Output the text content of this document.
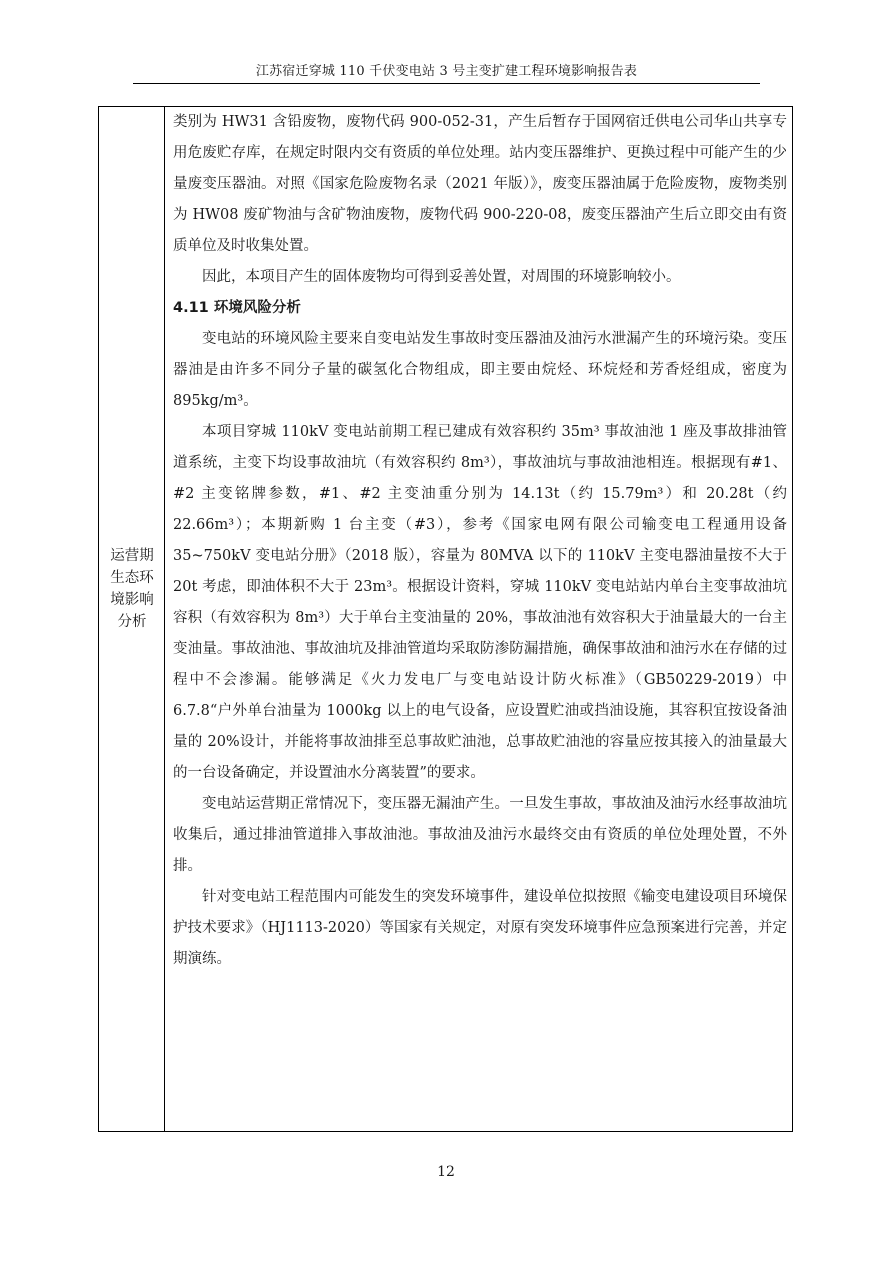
江苏宿迁穿城 110 千伏变电站 3 号主变扩建工程环境影响报告表
运营期
生态环
境影响
分析

类别为 HW31 含铅废物，废物代码 900-052-31，产生后暂存于国网宿迁供电公司华山共享专用危废贮存库，在规定时限内交有资质的单位处理。站内变压器维护、更换过程中可能产生的少量废变压器油。对照《国家危险废物名录（2021 年版）》，废变压器油属于危险废物，废物类别为 HW08 废矿物油与含矿物油废物，废物代码 900-220-08，废变压器油产生后立即交由有资质单位及时收集处置。

因此，本项目产生的固体废物均可得到妥善处置，对周围的环境影响较小。

4.11 环境风险分析

变电站的环境风险主要来自变电站发生事故时变压器油及油污水泄漏产生的环境污染。变压器油是由许多不同分子量的碳氢化合物组成，即主要由烷烃、环烷烃和芳香烃组成，密度为 895kg/m³。

本项目穿城 110kV 变电站前期工程已建成有效容积约 35m³ 事故油池 1 座及事故排油管道系统，主变下均设事故油坑（有效容积约 8m³），事故油坑与事故油池相连。根据现有#1、#2 主变铭牌参数，#1、#2 主变油重分别为 14.13t（约 15.79m³）和 20.28t（约 22.66m³）；本期新购 1 台主变（#3），参考《国家电网有限公司输变电工程通用设备 35~750kV 变电站分册》（2018 版），容量为 80MVA 以下的 110kV 主变电器油量按不大于 20t 考虑，即油体积不大于 23m³。根据设计资料，穿城 110kV 变电站站内单台主变事故油坑容积（有效容积为 8m³）大于单台主变油量的 20%，事故油池有效容积大于油量最大的一台主变油量。事故油池、事故油坑及排油管道均采取防渗防漏措施，确保事故油和油污水在存储的过程中不会渗漏。能够满足《火力发电厂与变电站设计防火标准》（GB50229-2019）中 6.7.8“户外单台油量为 1000kg 以上的电气设备，应设置贮油或挡油设施，其容积宜按设备油量的 20%设计，并能将事故油排至总事故贮油池，总事故贮油池的容量应按其接入的油量最大的一台设备确定，并设置油水分离装置”的要求。

变电站运营期正常情况下，变压器无漏油产生。一旦发生事故，事故油及油污水经事故油坑收集后，通过排油管道排入事故油池。事故油及油污水最终交由有资质的单位处理处置，不外排。

针对变电站工程范围内可能发生的突发环境事件，建设单位拟按照《输变电建设项目环境保护技术要求》（HJ1113-2020）等国家有关规定，对原有突发环境事件应急预案进行完善，并定期演练。

12
